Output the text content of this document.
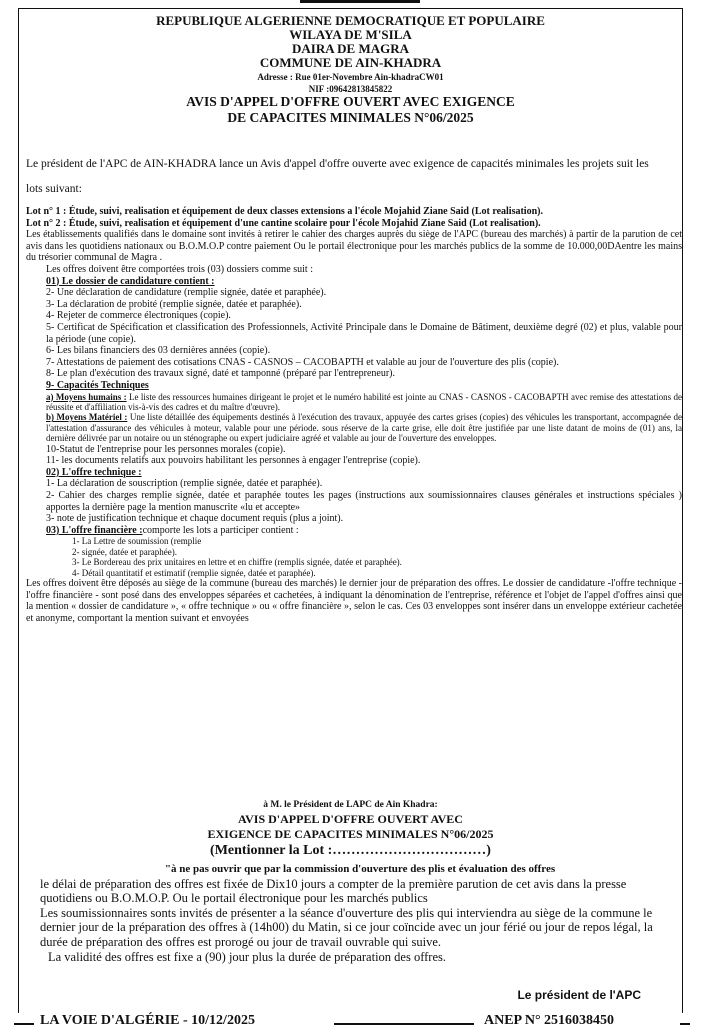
REPUBLIQUE ALGERIENNE DEMOCRATIQUE ET POPULAIRE
WILAYA DE M'SILA
DAIRA DE MAGRA
COMMUNE DE AIN-KHADRA
Adresse : Rue 01er-Novembre Ain-khadraCW01
NIF :09642813845822
AVIS D'APPEL D'OFFRE OUVERT AVEC EXIGENCE
DE CAPACITES MINIMALES N°06/2025
Le président de l'APC de AIN-KHADRA lance un Avis d'appel d'offre ouverte avec exigence de capacités minimales les projets suit les lots suivant:

Lot n° 1 : Étude, suivi, realisation et équipement de deux classes extensions a l'école Mojahid Ziane Said (Lot realisation).

Lot n° 2 : Étude, suivi, realisation et équipement d'une cantine scolaire pour l'école Mojahid Ziane Said (Lot realisation).

Les établissements qualifiés dans le domaine sont invités à retirer le cahier des charges auprès du siège de l'APC (bureau des marchés) à partir de la parution de cet avis dans les quotidiens nationaux ou B.O.M.O.P contre paiement Ou le portail électronique pour les marchés publics de la somme de 10.000,00DAentre les mains du trésorier communal de Magra .

Les offres doivent être comportées trois (03) dossiers comme suit :

01) Le dossier de candidature contient :

2- Une déclaration de candidature (remplie signée, datée et paraphée).

3- La déclaration de probité (remplie signée, datée et paraphée).

4- Rejeter de commerce électroniques (copie).

5- Certificat de Spécification et classification des Professionnels, Activité Principale dans le Domaine de Bâtiment, deuxième degré (02) et plus, valable pour la période (une copie).

6- Les bilans financiers des 03 dernières années (copie).

7- Attestations de paiement des cotisations CNAS - CASNOS – CACOBAPTH et valable au jour de l'ouverture des plis (copie).

8- Le plan d'exécution des travaux signé, daté et tamponné (préparé par l'entrepreneur).

9- Capacités Techniques

a) Moyens humains : Le liste des ressources humaines dirigeant le projet et le numéro habilité est jointe au CNAS - CASNOS - CACOBAPTH avec remise des attestations de réussite et d'affiliation vis-à-vis des cadres et du maître d'œuvre).

b) Moyens Matériel : Une liste détaillée des équipements destinés à l'exécution des travaux, appuyée des cartes grises (copies) des véhicules les transportant, accompagnée de l'attestation d'assurance des véhicules à moteur, valable pour une période. sous réserve de la carte grise, elle doit être justifiée par une liste datant de moins de (01) ans, la dernière délivrée par un notaire ou un sténographe ou expert judiciaire agréé et valable au jour de l'ouverture des enveloppes.

10-Statut de l'entreprise pour les personnes morales (copie).

11- les documents relatifs aux pouvoirs habilitant les personnes à engager l'entreprise (copie).

02) L'offre technique :

1- La déclaration de souscription (remplie signée, datée et paraphée).

2- Cahier des charges remplie signée, datée et paraphée toutes les pages (instructions aux soumissionnaires clauses générales et instructions spéciales ) apportes la dernière page la mention manuscrite «lu et accepte»

3- note de justification technique et chaque document requis (plus a joint).

03) L'offre financière :comporte les lots a participer contient :

1- La Lettre de soumission (remplie

2- signée, datée et paraphée).

3- Le Bordereau des prix unitaires en lettre et en chiffre (remplis signée, datée et paraphée).

4- Détail quantitatif et estimatif (remplie signée, datée et paraphée).

Les offres doivent être déposés au siège de la commune (bureau des marchés) le dernier jour de préparation des offres. Le dossier de candidature -l'offre technique - l'offre financière - sont posé dans des enveloppes séparées et cachetées, à indiquant la dénomination de l'entreprise, référence et l'objet de l'appel d'offres ainsi que la mention « dossier de candidature », « offre technique » ou « offre financière », selon le cas. Ces 03 enveloppes sont insérer dans un enveloppe extérieur cachetée et anonyme, comportant la mention suivant et envoyées

à M. le Président de LAPC de Ain Khadra:
AVIS D'APPEL D'OFFRE OUVERT AVEC
EXIGENCE DE CAPACITES MINIMALES N°06/2025
(Mentionner la Lot :……………………………)

"à ne pas ouvrir que par la commission d'ouverture des plis et évaluation des offres

le délai de préparation des offres est fixée de Dix10 jours a compter de la première parution de cet avis dans la presse quotidiens ou B.O.M.O.P. Ou le portail électronique pour les marchés publics

Les soumissionnaires sonts invités de présenter a la séance d'ouverture des plis qui interviendra au siège de la commune le dernier jour de la préparation des offres à (14h00) du Matin, si ce jour coïncide avec un jour férié ou jour de repos légal, la durée de préparation des offres est prorogé ou jour de travail ouvrable qui suive.

La validité des offres est fixe a (90) jour plus la durée de préparation des offres.

Le président de l'APC
LA VOIE D'ALGÉRIE - 10/12/2025	ANEP N° 2516038450
